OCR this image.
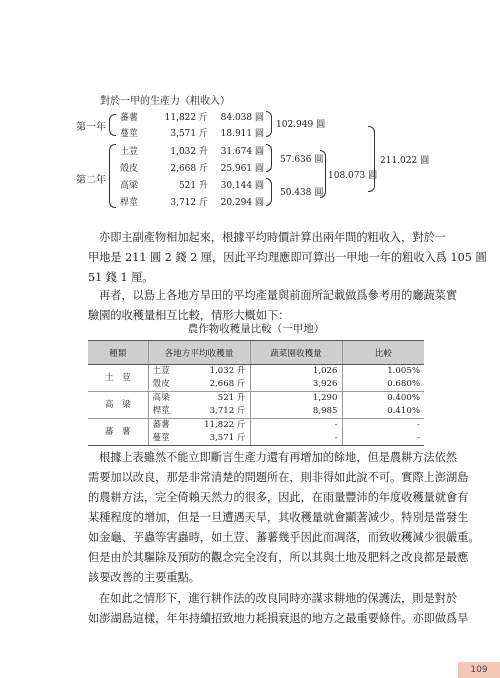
對於一甲的生產力（粗收入）
第一年
蕃薯	11,822 斤	84.038 圓
蔓莖	3,571 斤	18.911 圓
102.949 圓
第二年
土荳	1,032 升	31.674 圓
殼皮	2,668 斤	25.961 圓
高梁	521 升	30.144 圓
桿莖	3,712 斤	20.294 圓
57.636 圓
50.438 圓
108.073 圓
211.022 圓
亦即主副產物相加起來，根據平均時價計算出兩年間的粗收入，對於一
甲地是 211 圓 2 錢 2 厘，因此平均理應即可算出一甲地一年的粗收入爲 105 圓
51 錢 1 厘。
再者，以島上各地方旱田的平均產量與前面所記載做爲參考用的廳蔬菜實
驗園的收穫量相互比較，情形大概如下：
農作物收穫量比較（一甲地）
種類	各地方平均收穫量		蔬菜園收穫量	比較
土　荳	土荳	1,032 升	1,026	1.005%
	殼皮	2,668 斤	3,926	0.680%
高　梁	高梁	521 升	1,290	0.400%
	桿莖	3,712 斤	8,985	0.410%
蕃　薯	蕃薯	11,822 斤	-	-
	蔓莖	3,571 斤	-	-
根據上表雖然不能立即斷言生產力還有再增加的餘地，但是農耕方法依然
需要加以改良，那是非常清楚的問題所在，則非得如此說不可。實際上澎湖島
的農耕方法，完全倚賴天然力的很多，因此，在雨量豐沛的年度收穫量就會有
某種程度的增加，但是一旦遭遇天旱，其收穫量就會顯著減少。特別是當發生
如金龜、芋蟲等害蟲時，如土荳、蕃薯幾乎因此而凋落，而致收穫減少很嚴重。
但是由於其驅除及預防的觀念完全沒有，所以其與土地及肥料之改良都是最應
該要改善的主要重點。
在如此之情形下，進行耕作法的改良同時亦謀求耕地的保護法，則是對於
如澎湖島這樣，年年持續招致地力耗損衰退的地方之最重要條件。亦即做爲旱
109
